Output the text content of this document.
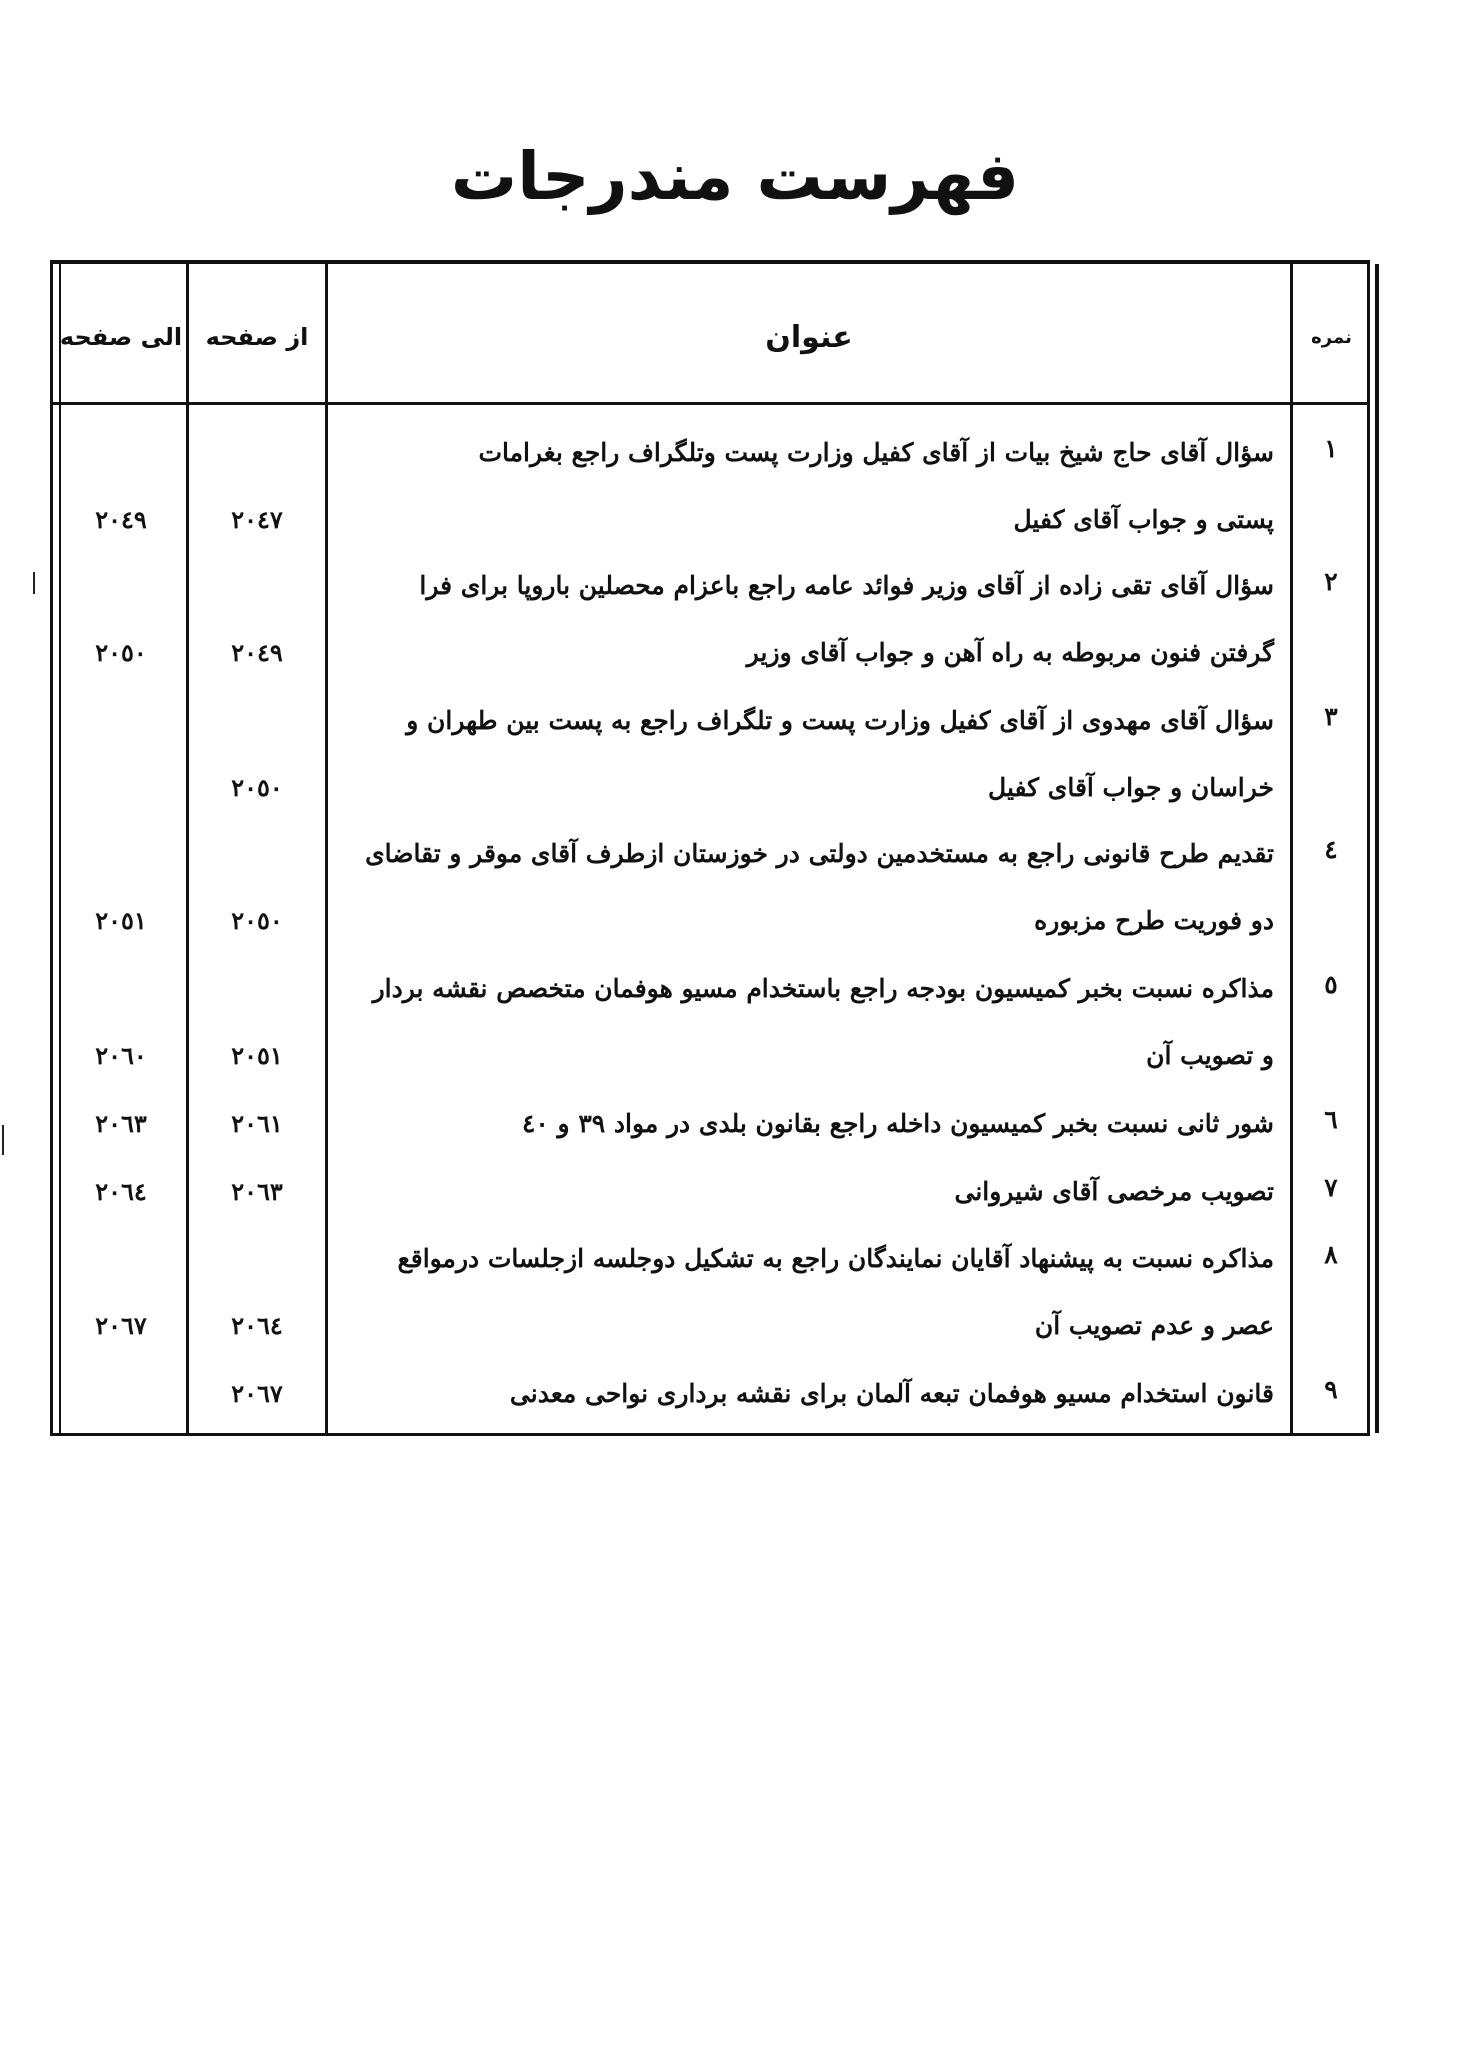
فهرست مندرجات
الی صفحه از صفحه	عنوان	نمره
١
سؤال آقاى حاج شيخ بيات از آقاى كفيل وزارت پست وتلگراف راجع بغرامات
پستى و جواب آقاى كفيل
٢٠٤٧
٢٠٤٩
٢
سؤال آقاى تقى زاده از آقاى وزير فوائد عامه راجع باعزام محصلين باروپا براى فرا
گرفتن فنون مربوطه به راه آهن و جواب آقاى وزير
٢٠٤٩
٢٠٥٠
٣
سؤال آقاى مهدوى از آقاى كفيل وزارت پست و تلگراف راجع به پست بين طهران و
خراسان و جواب آقاى كفيل
٢٠٥٠
٤
تقديم طرح قانونى راجع به مستخدمين دولتى در خوزستان ازطرف آقاى موقر و تقاضاى
دو فوريت طرح مزبوره
٢٠٥٠
٢٠٥١
٥
مذاكره نسبت بخبر كميسيون بودجه راجع باستخدام مسيو هوفمان متخصص نقشه بردار
و تصويب آن
٢٠٥١
٢٠٦٠
٦
شور ثانى نسبت بخبر كميسيون داخله راجع بقانون بلدى در مواد ٣٩ و ٤٠
٢٠٦١
٢٠٦٣
٧
تصويب مرخصى آقاى شيروانى
٢٠٦٣
٢٠٦٤
٨
مذاكره نسبت به پيشنهاد آقايان نمايندگان راجع به تشكيل دوجلسه ازجلسات درمواقع
عصر و عدم تصويب آن
٢٠٦٤
٢٠٦٧
٩
قانون استخدام مسيو هوفمان تبعه آلمان براى نقشه بردارى نواحى معدنى
٢٠٦٧
